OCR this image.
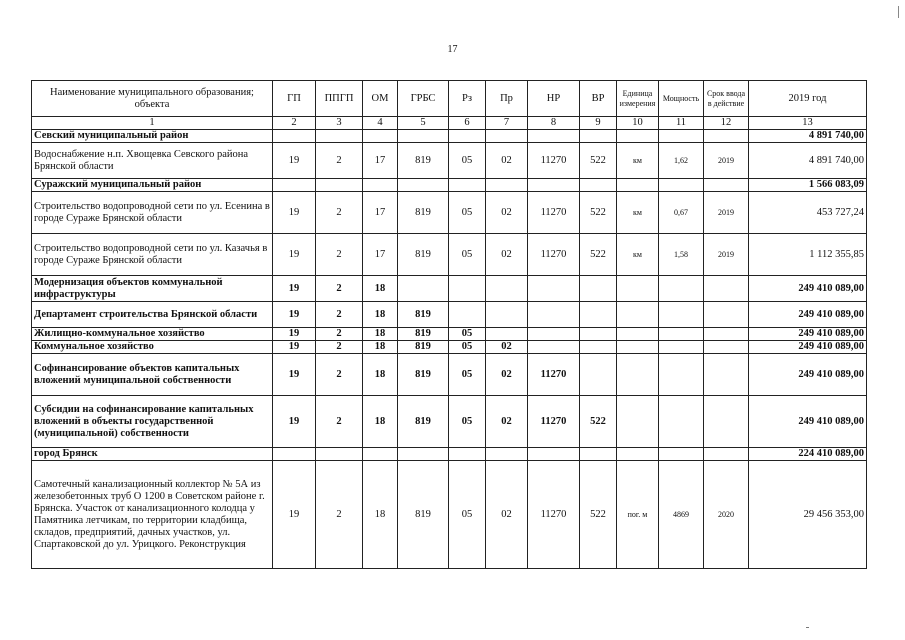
17
Наименование муниципального образования; объекта	ГП	ППГП	ОМ	ГРБС	Рз	Пр	НР	ВР	Единица измерения	Мощность	Срок ввода в действие	2019 год
1	2	3	4	5	6	7	8	9	10	11	12	13
Севский муниципальный район												4 891 740,00
Водоснабжение н.п. Хвощевка Севского района Брянской области	19	2	17	819	05	02	11270	522	км	1,62	2019	4 891 740,00
Суражский муниципальный район												1 566 083,09
Строительство водопроводной сети по ул. Есенина в городе Сураже Брянской области	19	2	17	819	05	02	11270	522	км	0,67	2019	453 727,24
Строительство водопроводной сети по ул. Казачья в городе Сураже Брянской области	19	2	17	819	05	02	11270	522	км	1,58	2019	1 112 355,85
Модернизация объектов коммунальной инфраструктуры	19	2	18									249 410 089,00
Департамент строительства Брянской области	19	2	18	819								249 410 089,00
Жилищно-коммунальное хозяйство	19	2	18	819	05							249 410 089,00
Коммунальное хозяйство	19	2	18	819	05	02						249 410 089,00
Софинансирование объектов капитальных вложений муниципальной собственности	19	2	18	819	05	02	11270					249 410 089,00
Субсидии на софинансирование капитальных вложений в объекты государственной (муниципальной) собственности	19	2	18	819	05	02	11270	522				249 410 089,00
город Брянск												224 410 089,00
Самотечный канализационный коллектор № 5А из железобетонных труб О 1200 в Советском районе г. Брянска. Участок от канализационного колодца у Памятника летчикам, по территории кладбища, складов, предприятий, дачных участков, ул. Спартаковской до ул. Урицкого. Реконструкция	19	2	18	819	05	02	11270	522	пог. м	4869	2020	29 456 353,00
